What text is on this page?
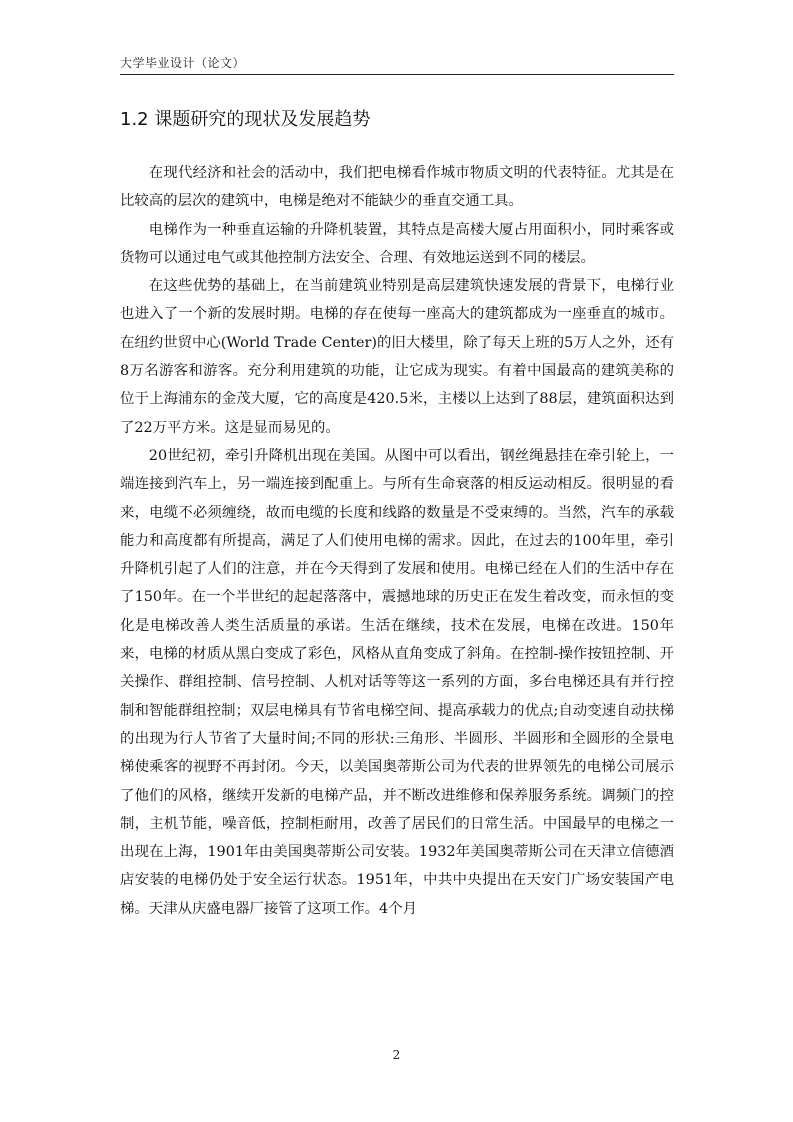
大学毕业设计（论文）
1.2 课题研究的现状及发展趋势

在现代经济和社会的活动中，我们把电梯看作城市物质文明的代表特征。尤其是在比较高的层次的建筑中，电梯是绝对不能缺少的垂直交通工具。

电梯作为一种垂直运输的升降机装置，其特点是高楼大厦占用面积小，同时乘客或货物可以通过电气或其他控制方法安全、合理、有效地运送到不同的楼层。

在这些优势的基础上，在当前建筑业特别是高层建筑快速发展的背景下，电梯行业也进入了一个新的发展时期。电梯的存在使每一座高大的建筑都成为一座垂直的城市。在纽约世贸中心(World Trade Center)的旧大楼里，除了每天上班的5万人之外，还有8万名游客和游客。充分利用建筑的功能，让它成为现实。有着中国最高的建筑美称的位于上海浦东的金茂大厦，它的高度是420.5米，主楼以上达到了88层，建筑面积达到了22万平方米。这是显而易见的。

20世纪初，牵引升降机出现在美国。从图中可以看出，钢丝绳悬挂在牵引轮上，一端连接到汽车上，另一端连接到配重上。与所有生命衰落的相反运动相反。很明显的看来，电缆不必须缠绕，故而电缆的长度和线路的数量是不受束缚的。当然，汽车的承载能力和高度都有所提高，满足了人们使用电梯的需求。因此，在过去的100年里，牵引升降机引起了人们的注意，并在今天得到了发展和使用。电梯已经在人们的生活中存在了150年。在一个半世纪的起起落落中，震撼地球的历史正在发生着改变，而永恒的变化是电梯改善人类生活质量的承诺。生活在继续，技术在发展，电梯在改进。150年来，电梯的材质从黑白变成了彩色，风格从直角变成了斜角。在控制-操作按钮控制、开关操作、群组控制、信号控制、人机对话等等这一系列的方面，多台电梯还具有并行控制和智能群组控制；双层电梯具有节省电梯空间、提高承载力的优点;自动变速自动扶梯的出现为行人节省了大量时间;不同的形状:三角形、半圆形、半圆形和全圆形的全景电梯使乘客的视野不再封闭。今天，以美国奥蒂斯公司为代表的世界领先的电梯公司展示了他们的风格，继续开发新的电梯产品，并不断改进维修和保养服务系统。调频门的控制，主机节能，噪音低，控制柜耐用，改善了居民们的日常生活。中国最早的电梯之一出现在上海，1901年由美国奥蒂斯公司安装。1932年美国奥蒂斯公司在天津立信德酒店安装的电梯仍处于安全运行状态。1951年，中共中央提出在天安门广场安装国产电梯。天津从庆盛电器厂接管了这项工作。4个月

2
